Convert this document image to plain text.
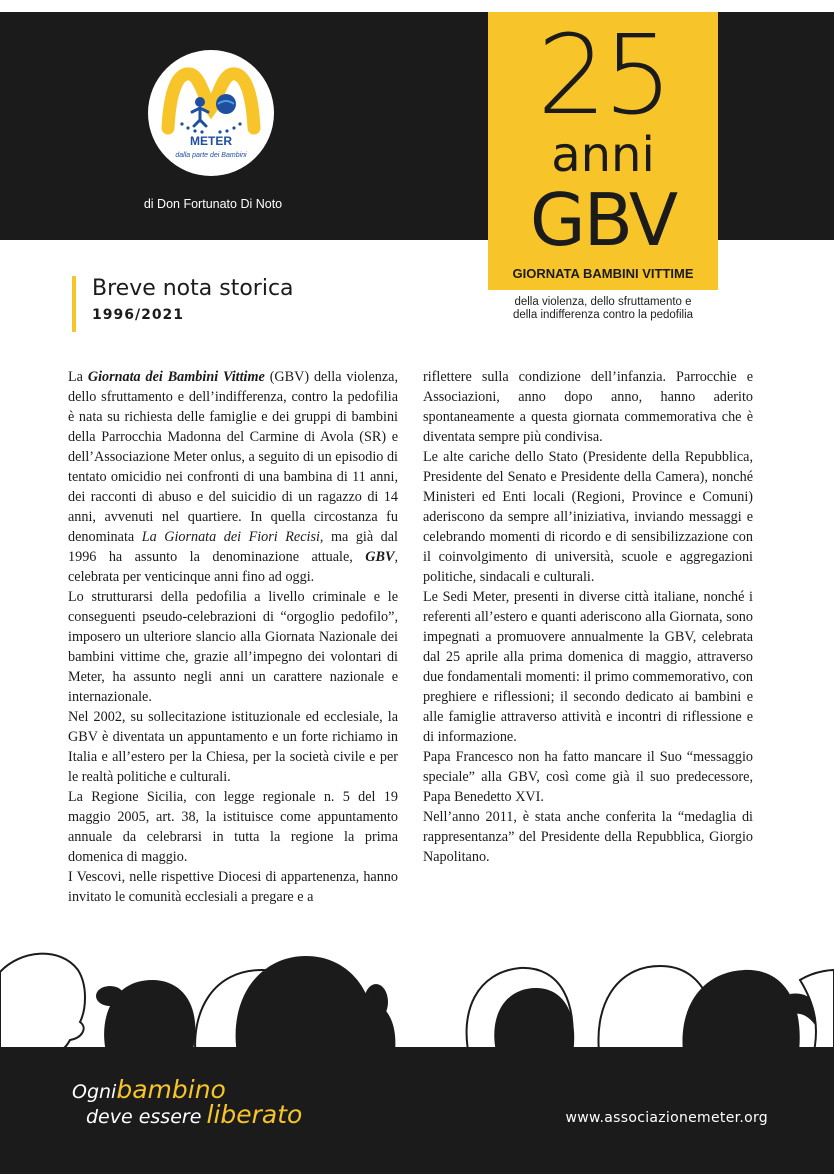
METER
dalla parte dei Bambini
di Don Fortunato Di Noto
25
anni
GBV
GIORNATA BAMBINI VITTIME
della violenza, dello sfruttamento e
della indifferenza contro la pedofilia
Breve nota storica
1996/2021

La Giornata dei Bambini Vittime (GBV) della violenza, dello sfruttamento e dell’indifferenza, contro la pedofilia è nata su richiesta delle famiglie e dei gruppi di bambini della Parrocchia Madonna del Carmine di Avola (SR) e dell’Associazione Meter onlus, a seguito di un episodio di tentato omicidio nei confronti di una bambina di 11 anni, dei racconti di abuso e del suicidio di un ragazzo di 14 anni, avvenuti nel quartiere. In quella circostanza fu denominata La Giornata dei Fiori Recisi, ma già dal 1996 ha assunto la denominazione attuale, GBV, celebrata per venticinque anni fino ad oggi.

Lo strutturarsi della pedofilia a livello criminale e le conseguenti pseudo-celebrazioni di “orgoglio pedofilo”, imposero un ulteriore slancio alla Giornata Nazionale dei bambini vittime che, grazie all’impegno dei volontari di Meter, ha assunto negli anni un carattere nazionale e internazionale.

Nel 2002, su sollecitazione istituzionale ed ecclesiale, la GBV è diventata un appuntamento e un forte richiamo in Italia e all’estero per la Chiesa, per la società civile e per le realtà politiche e culturali.

La Regione Sicilia, con legge regionale n. 5 del 19 maggio 2005, art. 38, la istituisce come appuntamento annuale da celebrarsi in tutta la regione la prima domenica di maggio.

I Vescovi, nelle rispettive Diocesi di appartenenza, hanno invitato le comunità ecclesiali a pregare e a

riflettere sulla condizione dell’infanzia. Parrocchie e Associazioni, anno dopo anno, hanno aderito spontaneamente a questa giornata commemorativa che è diventata sempre più condivisa.

Le alte cariche dello Stato (Presidente della Repubblica, Presidente del Senato e Presidente della Camera), nonché Ministeri ed Enti locali (Regioni, Province e Comuni) aderiscono da sempre all’iniziativa, inviando messaggi e celebrando momenti di ricordo e di sensibilizzazione con il coinvolgimento di università, scuole e aggregazioni politiche, sindacali e culturali.

Le Sedi Meter, presenti in diverse città italiane, nonché i referenti all’estero e quanti aderiscono alla Giornata, sono impegnati a promuovere annualmente la GBV, celebrata dal 25 aprile alla prima domenica di maggio, attraverso due fondamentali momenti: il primo commemorativo, con preghiere e riflessioni; il secondo dedicato ai bambini e alle famiglie attraverso attività e incontri di riflessione e di informazione.

Papa Francesco non ha fatto mancare il Suo “messaggio speciale” alla GBV, così come già il suo predecessore, Papa Benedetto XVI.

Nell’anno 2011, è stata anche conferita la “medaglia di rappresentanza” del Presidente della Repubblica, Giorgio Napolitano.

Ognibambino
deve essere liberato	www.associazionemeter.org
